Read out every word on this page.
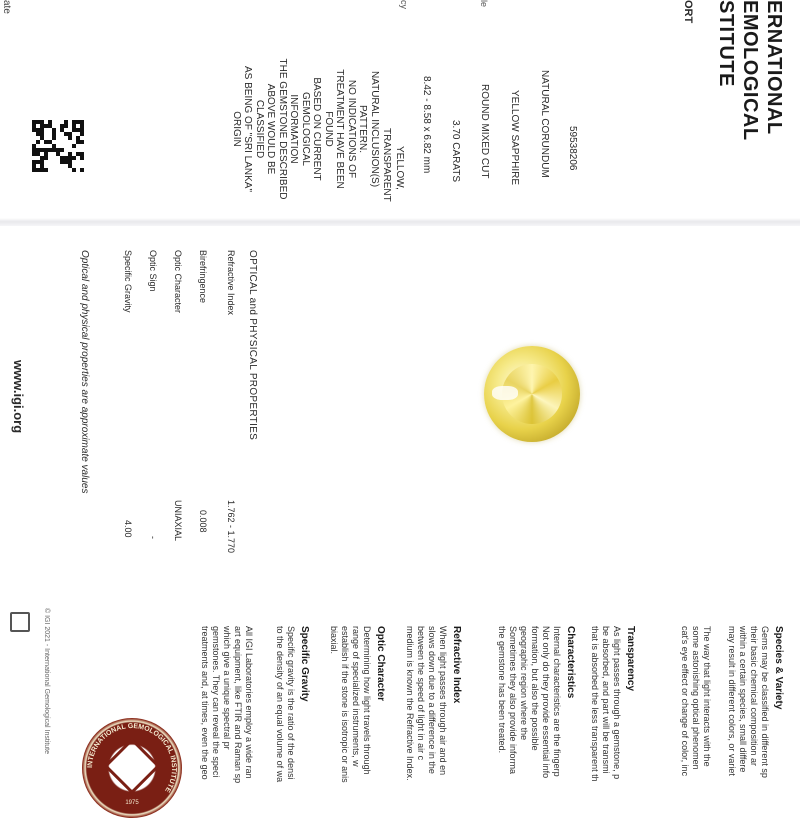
ate	ERNATIONAL
EMOLOGICAL
STITUTE
ORT
cy	le
59538206
NATURAL CORUNDUM
YELLOW SAPPHIRE
ROUND MIXED CUT
3.70 CARATS
8.42 - 8.58 x 6.82 mm
YELLOW,
TRANSPARENT
NATURAL INCLUSION(S)
PATTERN.
NO INDICATIONS OF
TREATMENT HAVE BEEN FOUND
BASED ON CURRENT
GEMOLOGICAL INFORMATION
THE GEMSTONE DESCRIBED
ABOVE WOULD BE CLASSIFIED
AS BEING OF "SRI LANKA"
ORIGIN
OPTICAL and PHYSICAL PROPERTIES
Refractive Index
Birefringence
Optic Character
Optic Sign
Specific Gravity
1.762 - 1.770
0.008
UNIAXIAL
-
4.00
Optical and physical properties are approximate values
www.igi.org
Species & Variety
Gems may be classified in different sp
their basic chemical composition ar
within a certain species, small differe
may result in different colors, or variet
The way that light interacts with the
some astonishing optical phenomen
cat's eye effect or change of color, inc
Transparency
As light passes through a gemstone, p
be absorbed, and part will be transmi
that is absorbed the less transparent th
Characteristics
Internal characteristics are the fingerp
Not only do they provide essential info
formation, but also the possible
geographic region where the
Sometimes they also provide informa
the gemstone has been treated.
Refractive Index
When light passes through air and en
slows down due to a difference in the
between the speed of light in air c
medium is known the Refractive Index.
Optic Character
Determining how light travels through
range of specialized instruments, w
establish if the stone is isotropic or anis
biaxial.
Specific Gravity
Specific gravity is the ratio of the densi
to the density of an equal volume of wa
All IGI Laboratories employ a wide ran
art equipment, like FTIR and Raman sp
which give a unique spectral pr
gemstones. They can reveal the speci
treatments and, at times, even the geo
© IGI 2021 - International Gemological Institute
INTERNATIONAL GEMOLOGICAL INSTITUTE
1975
